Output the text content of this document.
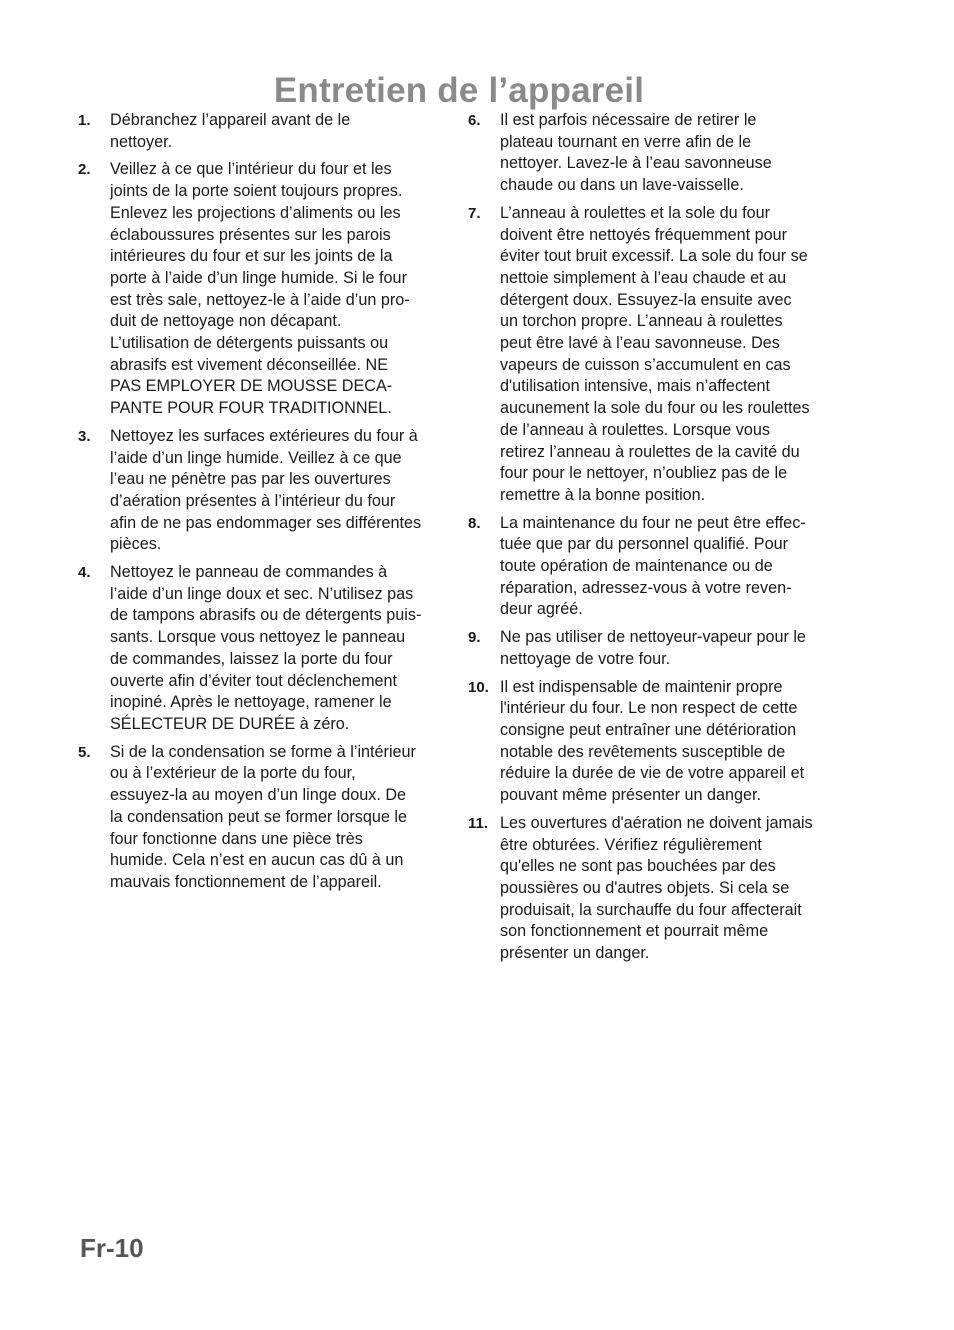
Entretien de l’appareil
1. Débranchez l’appareil avant de le
nettoyer.
2. Veillez à ce que l’intérieur du four et les
joints de la porte soient toujours propres.
Enlevez les projections d’aliments ou les
éclaboussures présentes sur les parois
intérieures du four et sur les joints de la
porte à l’aide d’un linge humide. Si le four
est très sale, nettoyez-le à l’aide d’un pro-
duit de nettoyage non décapant.
L’utilisation de détergents puissants ou
abrasifs est vivement déconseillée. NE
PAS EMPLOYER DE MOUSSE DECA-
PANTE POUR FOUR TRADITIONNEL.
3. Nettoyez les surfaces extérieures du four à
l’aide d’un linge humide. Veillez à ce que
l’eau ne pénètre pas par les ouvertures
d’aération présentes à l’intérieur du four
afin de ne pas endommager ses différentes
pièces.
4. Nettoyez le panneau de commandes à
l’aide d’un linge doux et sec. N’utilisez pas
de tampons abrasifs ou de détergents puis-
sants. Lorsque vous nettoyez le panneau
de commandes, laissez la porte du four
ouverte afin d’éviter tout déclenchement
inopiné. Après le nettoyage, ramener le
SÉLECTEUR DE DURÉE à zéro.
5. Si de la condensation se forme à l’intérieur
ou à l’extérieur de la porte du four,
essuyez-la au moyen d’un linge doux. De
la condensation peut se former lorsque le
four fonctionne dans une pièce très
humide. Cela n’est en aucun cas dû à un
mauvais fonctionnement de l’appareil.
6. Il est parfois nécessaire de retirer le
plateau tournant en verre afin de le
nettoyer. Lavez-le à l’eau savonneuse
chaude ou dans un lave-vaisselle.
7. L’anneau à roulettes et la sole du four
doivent être nettoyés fréquemment pour
éviter tout bruit excessif. La sole du four se
nettoie simplement à l’eau chaude et au
détergent doux. Essuyez-la ensuite avec
un torchon propre. L’anneau à roulettes
peut être lavé à l’eau savonneuse. Des
vapeurs de cuisson s’accumulent en cas
d'utilisation intensive, mais n’affectent
aucunement la sole du four ou les roulettes
de l’anneau à roulettes. Lorsque vous
retirez l’anneau à roulettes de la cavité du
four pour le nettoyer, n’oubliez pas de le
remettre à la bonne position.
8. La maintenance du four ne peut être effec-
tuée que par du personnel qualifié. Pour
toute opération de maintenance ou de
réparation, adressez-vous à votre reven-
deur agréé.
9. Ne pas utiliser de nettoyeur-vapeur pour le
nettoyage de votre four.
10. Il est indispensable de maintenir propre
l'intérieur du four. Le non respect de cette
consigne peut entraîner une détérioration
notable des revêtements susceptible de
réduire la durée de vie de votre appareil et
pouvant même présenter un danger.
11. Les ouvertures d'aération ne doivent jamais
être obturées. Vérifiez régulièrement
qu'elles ne sont pas bouchées par des
poussières ou d'autres objets. Si cela se
produisait, la surchauffe du four affecterait
son fonctionnement et pourrait même
présenter un danger.
Fr-10
